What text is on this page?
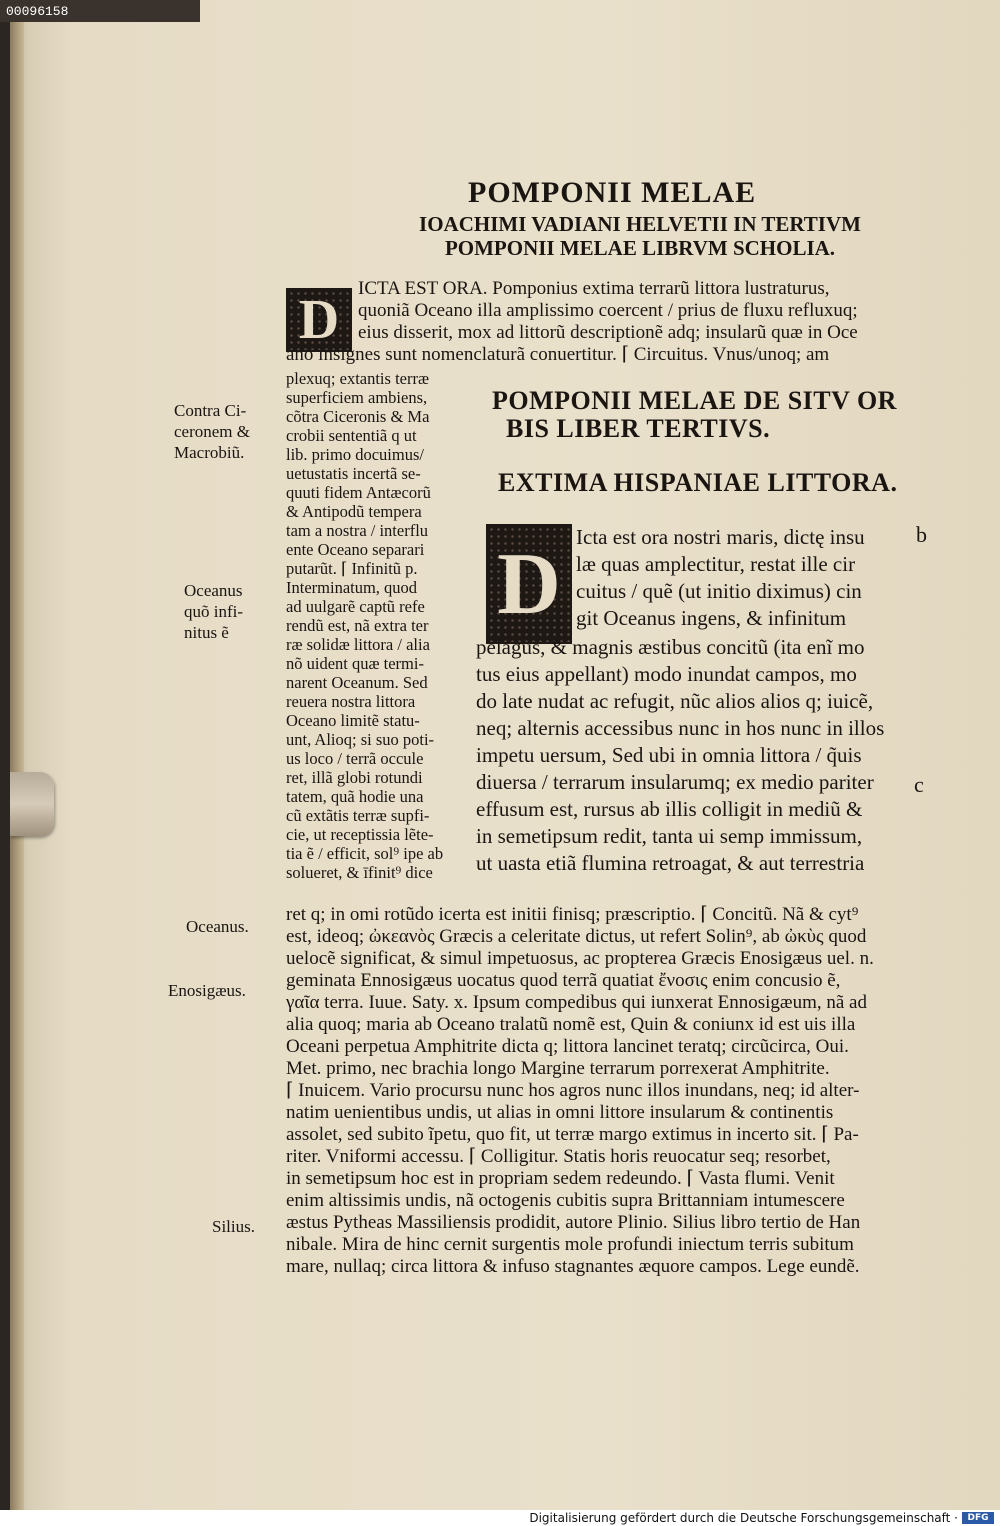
POMPONII MELAE
IOACHIMI VADIANI HELVETII IN TERTIVM
POMPONII MELAE LIBRVM SCHOLIA.
D
D
ICTA EST ORA. Pomponius extima terrarũ littora lustraturus,
quoniã Oceano illa amplissimo coercent / prius de fluxu refluxuq;
eius disserit, mox ad littorũ descriptionẽ adq; insularũ quæ in Oce
ano insignes sunt nomenclaturã conuertitur. ⌈ Circuitus. Vnus/unoq; am
plexuq; extantis terræ
superficiem ambiens,
cõtra Ciceronis & Ma
crobii sententiã q ut
lib. primo docuimus/
uetustatis incertã se-
quuti fidem Antæcorũ
& Antipodũ tempera
tam a nostra / interflu
ente Oceano separari
putarũt. ⌈ Infinitũ p.
Interminatum, quod
ad uulgarẽ captũ refe
rendũ est, nã extra ter
ræ solidæ littora / alia
nõ uident quæ termi-
narent Oceanum. Sed
reuera nostra littora
Oceano limitẽ statu-
unt, Alioq; si suo poti-
us loco / terrã occule
ret, illã globi rotundi
tatem, quã hodie una
cũ extãtis terræ supfi-
cie, ut receptissia lẽte-
tia ẽ / efficit, sol⁹ ipe ab
solueret, & īfinit⁹ dice
POMPONII MELAE DE SITV OR
BIS LIBER TERTIVS.
EXTIMA HISPANIAE LITTORA.
Icta est ora nostri maris, dictę insu
læ quas amplectitur, restat ille cir
cuitus / quẽ (ut initio diximus) cin
git Oceanus ingens, & infinitum
pelagus, & magnis æstibus concitũ (ita enĩ mo
tus eius appellant) modo inundat campos, mo
do late nudat ac refugit, nũc alios alios q; iuicẽ,
neq; alternis accessibus nunc in hos nunc in illos
impetu uersum, Sed ubi in omnia littora / q̃uis
diuersa / terrarum insularumq; ex medio pariter
effusum est, rursus ab illis colligit in mediũ &
in semetipsum redit, tanta ui semp immissum,
ut uasta etiã flumina retroagat, & aut terrestria
ret q; in omi rotũdo icerta est initii finisq; præscriptio. ⌈ Concitũ. Nã & cyt⁹
est, ideoq; ὠκεανὸς Græcis a celeritate dictus, ut refert Solin⁹, ab ὠκὺς quod
uelocẽ significat, & simul impetuosus, ac propterea Græcis Enosigæus uel. n.
geminata Ennosigæus uocatus quod terrã quatiat ἔνοσις enim concusio ẽ,
γαῖα terra. Iuue. Saty. x. Ipsum compedibus qui iunxerat Ennosigæum, nã ad
alia quoq; maria ab Oceano tralatũ nomẽ est, Quin & coniunx id est uis illa
Oceani perpetua Amphitrite dicta q; littora lancinet teratq; circũcirca, Oui.
Met. primo, nec brachia longo Margine terrarum porrexerat Amphitrite.
⌈ Inuicem. Vario procursu nunc hos agros nunc illos inundans, neq; id alter-
natim uenientibus undis, ut alias in omni littore insularum & continentis
assolet, sed subito ĩpetu, quo fit, ut terræ margo extimus in incerto sit. ⌈ Pa-
riter. Vniformi accessu. ⌈ Colligitur. Statis horis reuocatur seq; resorbet,
in semetipsum hoc est in propriam sedem redeundo. ⌈ Vasta flumi. Venit
enim altissimis undis, nã octogenis cubitis supra Brittanniam intumescere
æstus Pytheas Massiliensis prodidit, autore Plinio. Silius libro tertio de Han
nibale. Mira de hinc cernit surgentis mole profundi iniectum terris subitum
mare, nullaq; circa littora & infuso stagnantes æquore campos. Lege eundẽ.
Contra Ci-
ceronem &
Macrobiũ.
Oceanus
quõ infi-
nitus ẽ
Oceanus.
Enosigæus.
Silius.
b
c
00096158
Digitalisierung gefördert durch die Deutsche Forschungsgemeinschaft ·	DFG
